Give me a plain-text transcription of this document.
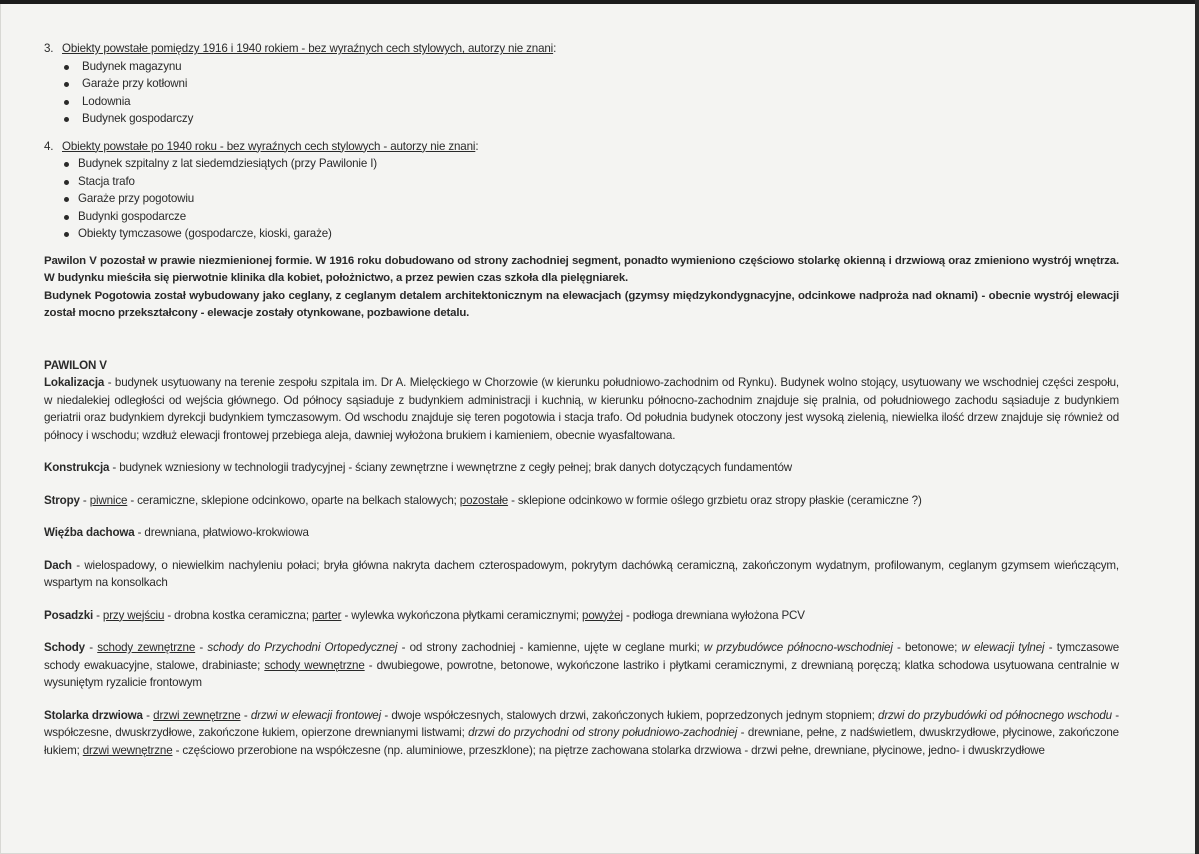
3. Obiekty powstałe pomiędzy 1916 i 1940 rokiem - bez wyraźnych cech stylowych, autorzy nie znani:
Budynek magazynu
Garaże przy kotłowni
Lodownia
Budynek gospodarczy
4. Obiekty powstałe po 1940 roku - bez wyraźnych cech stylowych - autorzy nie znani:
Budynek szpitalny z lat siedemdziesiątych (przy Pawilonie I)
Stacja trafo
Garaże przy pogotowiu
Budynki gospodarcze
Obiekty tymczasowe (gospodarcze, kioski, garaże)

Pawilon V pozostał w prawie niezmienionej formie. W 1916 roku dobudowano od strony zachodniej segment, ponadto wymieniono częściowo stolarkę okienną i drzwiową oraz zmieniono wystrój wnętrza. W budynku mieściła się pierwotnie klinika dla kobiet, położnictwo, a przez pewien czas szkoła dla pielęgniarek.

Budynek Pogotowia został wybudowany jako ceglany, z ceglanym detalem architektonicznym na elewacjach (gzymsy międzykondygnacyjne, odcinkowe nadproża nad oknami) - obecnie wystrój elewacji został mocno przekształcony - elewacje zostały otynkowane, pozbawione detalu.

PAWILON V

Lokalizacja - budynek usytuowany na terenie zespołu szpitala im. Dr A. Mielęckiego w Chorzowie (w kierunku południowo-zachodnim od Rynku). Budynek wolno stojący, usytuowany we wschodniej części zespołu, w niedalekiej odległości od wejścia głównego. Od północy sąsiaduje z budynkiem administracji i kuchnią, w kierunku północno-zachodnim znajduje się pralnia, od południowego zachodu sąsiaduje z budynkiem geriatrii oraz budynkiem dyrekcji budynkiem tymczasowym. Od wschodu znajduje się teren pogotowia i stacja trafo. Od południa budynek otoczony jest wysoką zielenią, niewielka ilość drzew znajduje się również od północy i wschodu; wzdłuż elewacji frontowej przebiega aleja, dawniej wyłożona brukiem i kamieniem, obecnie wyasfaltowana.

Konstrukcja - budynek wzniesiony w technologii tradycyjnej - ściany zewnętrzne i wewnętrzne z cegły pełnej; brak danych dotyczących fundamentów

Stropy - piwnice - ceramiczne, sklepione odcinkowo, oparte na belkach stalowych; pozostałe - sklepione odcinkowo w formie oślego grzbietu oraz stropy płaskie (ceramiczne ?)

Więźba dachowa - drewniana, płatwiowo-krokwiowa

Dach - wielospadowy, o niewielkim nachyleniu połaci; bryła główna nakryta dachem czterospadowym, pokrytym dachówką ceramiczną, zakończonym wydatnym, profilowanym, ceglanym gzymsem wieńczącym, wspartym na konsolkach

Posadzki - przy wejściu - drobna kostka ceramiczna; parter - wylewka wykończona płytkami ceramicznymi; powyżej - podłoga drewniana wyłożona PCV

Schody - schody zewnętrzne - schody do Przychodni Ortopedycznej - od strony zachodniej - kamienne, ujęte w ceglane murki; w przybudówce północno-wschodniej - betonowe; w elewacji tylnej - tymczasowe schody ewakuacyjne, stalowe, drabiniaste; schody wewnętrzne - dwubiegowe, powrotne, betonowe, wykończone lastriko i płytkami ceramicznymi, z drewnianą poręczą; klatka schodowa usytuowana centralnie w wysuniętym ryzalicie frontowym

Stolarka drzwiowa - drzwi zewnętrzne - drzwi w elewacji frontowej - dwoje współczesnych, stalowych drzwi, zakończonych łukiem, poprzedzonych jednym stopniem; drzwi do przybudówki od północnego wschodu - współczesne, dwuskrzydłowe, zakończone łukiem, opierzone drewnianymi listwami; drzwi do przychodni od strony południowo-zachodniej - drewniane, pełne, z nadświetlem, dwuskrzydłowe, płycinowe, zakończone łukiem; drzwi wewnętrzne - częściowo przerobione na współczesne (np. aluminiowe, przeszklone); na piętrze zachowana stolarka drzwiowa - drzwi pełne, drewniane, płycinowe, jedno- i dwuskrzydłowe
